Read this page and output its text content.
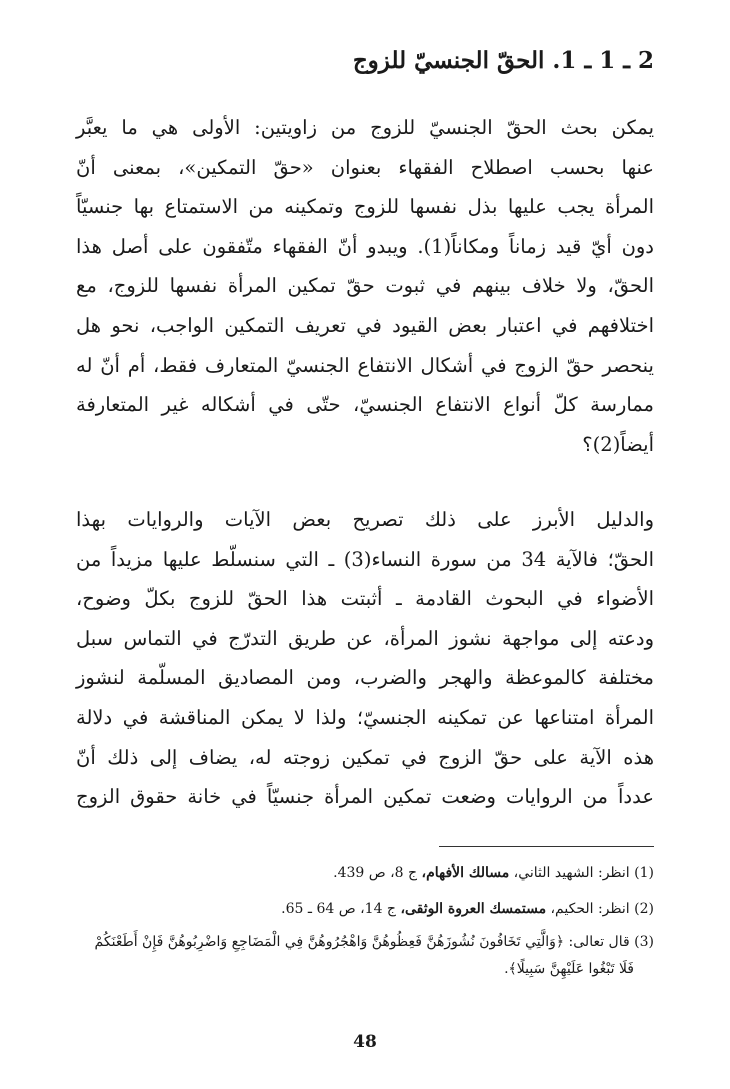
2 ـ 1 ـ 1. الحقّ الجنسيّ للزوج
يمكن بحث الحقّ الجنسيّ للزوج من زاويتين: الأولى هي ما يعبَّر
عنها بحسب اصطلاح الفقهاء بعنوان «حقّ التمكين»، بمعنى أنّ
المرأة يجب عليها بذل نفسها للزوج وتمكينه من الاستمتاع بها جنسيّاً
دون أيّ قيد زماناً ومكاناً(1). ويبدو أنّ الفقهاء متّفقون على أصل هذا
الحقّ، ولا خلاف بينهم في ثبوت حقّ تمكين المرأة نفسها للزوج، مع
اختلافهم في اعتبار بعض القيود في تعريف التمكين الواجب، نحو هل
ينحصر حقّ الزوج في أشكال الانتفاع الجنسيّ المتعارف فقط، أم أنّ له
ممارسة كلّ أنواع الانتفاع الجنسيّ، حتّى في أشكاله غير المتعارفة
أيضاً(2)؟
والدليل الأبرز على ذلك تصريح بعض الآيات والروايات بهذا
الحقّ؛ فالآية 34 من سورة النساء(3) ـ التي سنسلّط عليها مزيداً من
الأضواء في البحوث القادمة ـ أثبتت هذا الحقّ للزوج بكلّ وضوح،
ودعته إلى مواجهة نشوز المرأة، عن طريق التدرّج في التماس سبل
مختلفة كالموعظة والهجر والضرب، ومن المصاديق المسلّمة لنشوز
المرأة امتناعها عن تمكينه الجنسيّ؛ ولذا لا يمكن المناقشة في دلالة
هذه الآية على حقّ الزوج في تمكين زوجته له، يضاف إلى ذلك أنّ
عدداً من الروايات وضعت تمكين المرأة جنسيّاً في خانة حقوق الزوج
(1) انظر: الشهيد الثاني، مسالك الأفهام، ج 8، ص 439.
(2) انظر: الحكيم، مستمسك العروة الوثقى، ج 14، ص 64 ـ 65.
(3) قال تعالى: ﴿وَالَّتِي تَخَافُونَ نُشُوزَهُنَّ فَعِظُوهُنَّ وَاهْجُرُوهُنَّ فِي الْمَضَاجِعِ وَاضْرِبُوهُنَّ فَإِنْ أَطَعْنَكُمْ
فَلَا تَبْغُوا عَلَيْهِنَّ سَبِيلًا﴾.
48
